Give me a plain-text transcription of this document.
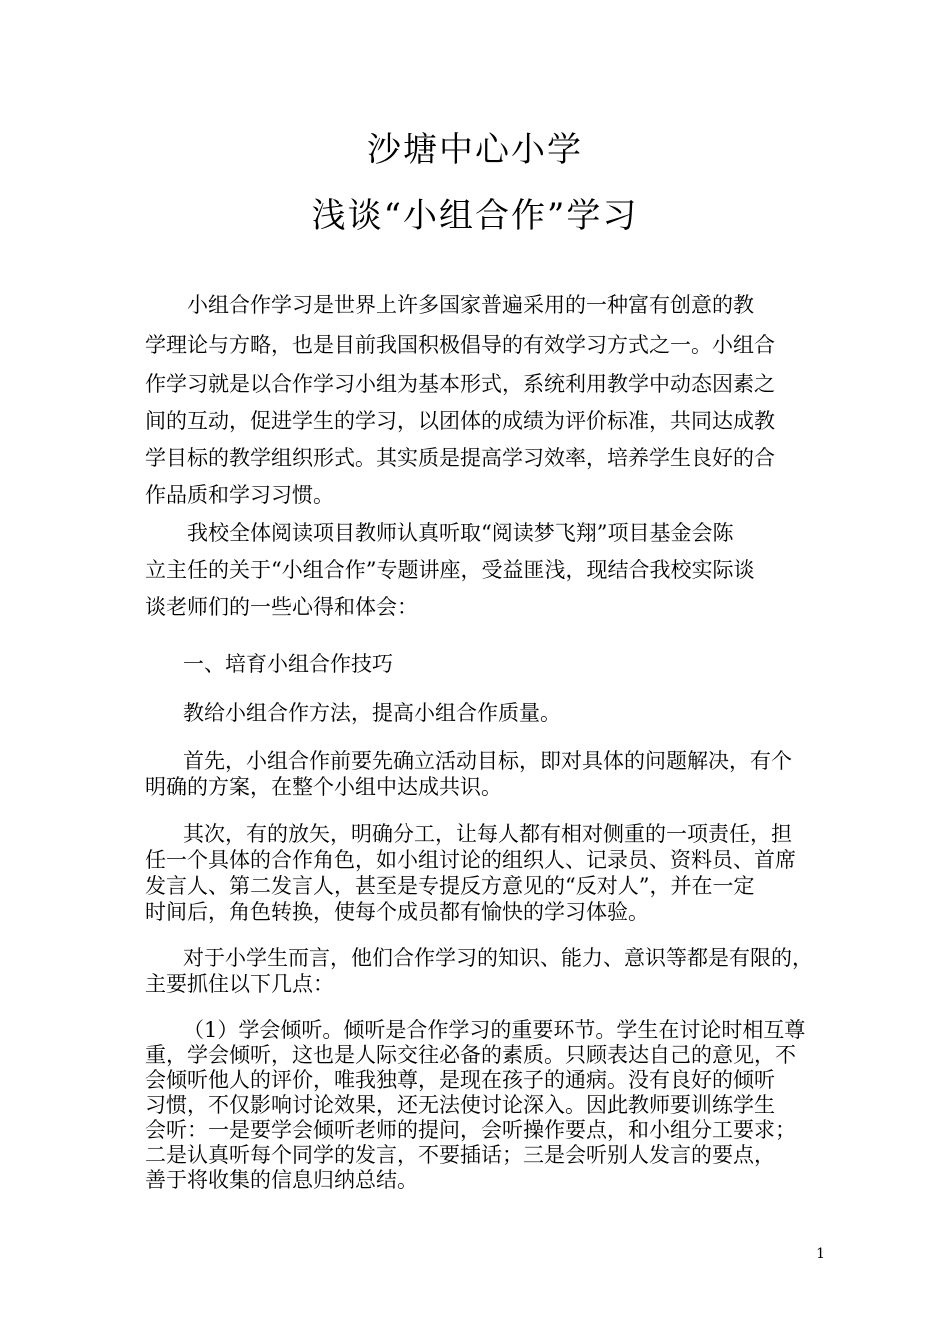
沙塘中心小学
浅谈“小组合作”学习
小组合作学习是世界上许多国家普遍采用的一种富有创意的教
学理论与方略，也是目前我国积极倡导的有效学习方式之一。小组合
作学习就是以合作学习小组为基本形式，系统利用教学中动态因素之
间的互动，促进学生的学习，以团体的成绩为评价标准，共同达成教
学目标的教学组织形式。其实质是提高学习效率，培养学生良好的合
作品质和学习习惯。
我校全体阅读项目教师认真听取“阅读梦飞翔”项目基金会陈
立主任的关于“小组合作”专题讲座，受益匪浅，现结合我校实际谈
谈老师们的一些心得和体会：
一、培育小组合作技巧
教给小组合作方法，提高小组合作质量。
首先，小组合作前要先确立活动目标，即对具体的问题解决，有个
明确的方案，在整个小组中达成共识。
其次，有的放矢，明确分工，让每人都有相对侧重的一项责任，担
任一个具体的合作角色，如小组讨论的组织人、记录员、资料员、首席
发言人、第二发言人，甚至是专提反方意见的“反对人”，并在一定
时间后，角色转换，使每个成员都有愉快的学习体验。
对于小学生而言，他们合作学习的知识、能力、意识等都是有限的，
主要抓住以下几点：
（1）学会倾听。倾听是合作学习的重要环节。学生在讨论时相互尊
重，学会倾听，这也是人际交往必备的素质。只顾表达自己的意见，不
会倾听他人的评价，唯我独尊，是现在孩子的通病。没有良好的倾听
习惯，不仅影响讨论效果，还无法使讨论深入。因此教师要训练学生
会听：一是要学会倾听老师的提问，会听操作要点，和小组分工要求；
二是认真听每个同学的发言，不要插话；三是会听别人发言的要点，
善于将收集的信息归纳总结。
1
